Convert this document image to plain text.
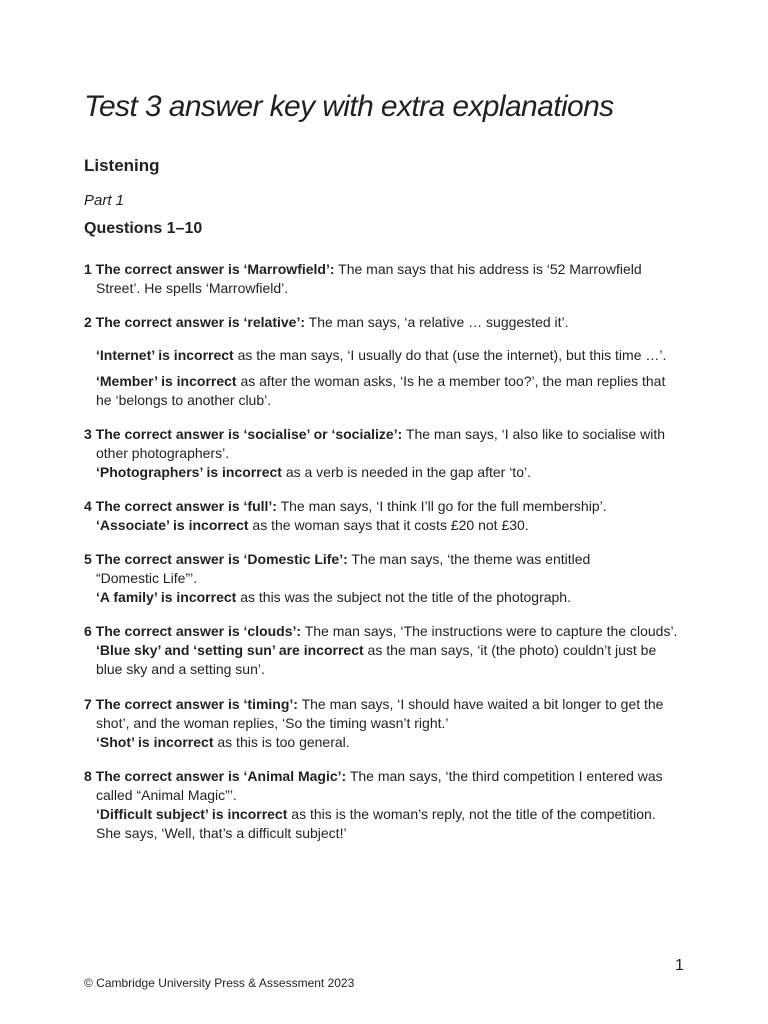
Test 3 answer key with extra explanations
Listening
Part 1
Questions 1–10
1 The correct answer is ‘Marrowfield’: The man says that his address is ‘52 Marrowfield
Street’. He spells ‘Marrowfield’.
2 The correct answer is ‘relative’: The man says, ‘a relative … suggested it’.
‘Internet’ is incorrect as the man says, ‘I usually do that (use the internet), but this time …’.
‘Member’ is incorrect as after the woman asks, ‘Is he a member too?’, the man replies that
he ‘belongs to another club’.
3 The correct answer is ‘socialise’ or ‘socialize’: The man says, ‘I also like to socialise with
other photographers’.
‘Photographers’ is incorrect as a verb is needed in the gap after ‘to’.
4 The correct answer is ‘full’: The man says, ‘I think I’ll go for the full membership’.
‘Associate’ is incorrect as the woman says that it costs £20 not £30.
5 The correct answer is ‘Domestic Life’: The man says, ‘the theme was entitled
“Domestic Life”’.
‘A family’ is incorrect as this was the subject not the title of the photograph.
6 The correct answer is ‘clouds’: The man says, ‘The instructions were to capture the clouds’.
‘Blue sky’ and ‘setting sun’ are incorrect as the man says, ‘it (the photo) couldn’t just be
blue sky and a setting sun’.
7 The correct answer is ‘timing’: The man says, ‘I should have waited a bit longer to get the
shot’, and the woman replies, ‘So the timing wasn’t right.’
‘Shot’ is incorrect as this is too general.
8 The correct answer is ‘Animal Magic’: The man says, ‘the third competition I entered was
called “Animal Magic”’.
‘Difficult subject’ is incorrect as this is the woman’s reply, not the title of the competition.
She says, ‘Well, that’s a difficult subject!’
1
© Cambridge University Press & Assessment 2023
